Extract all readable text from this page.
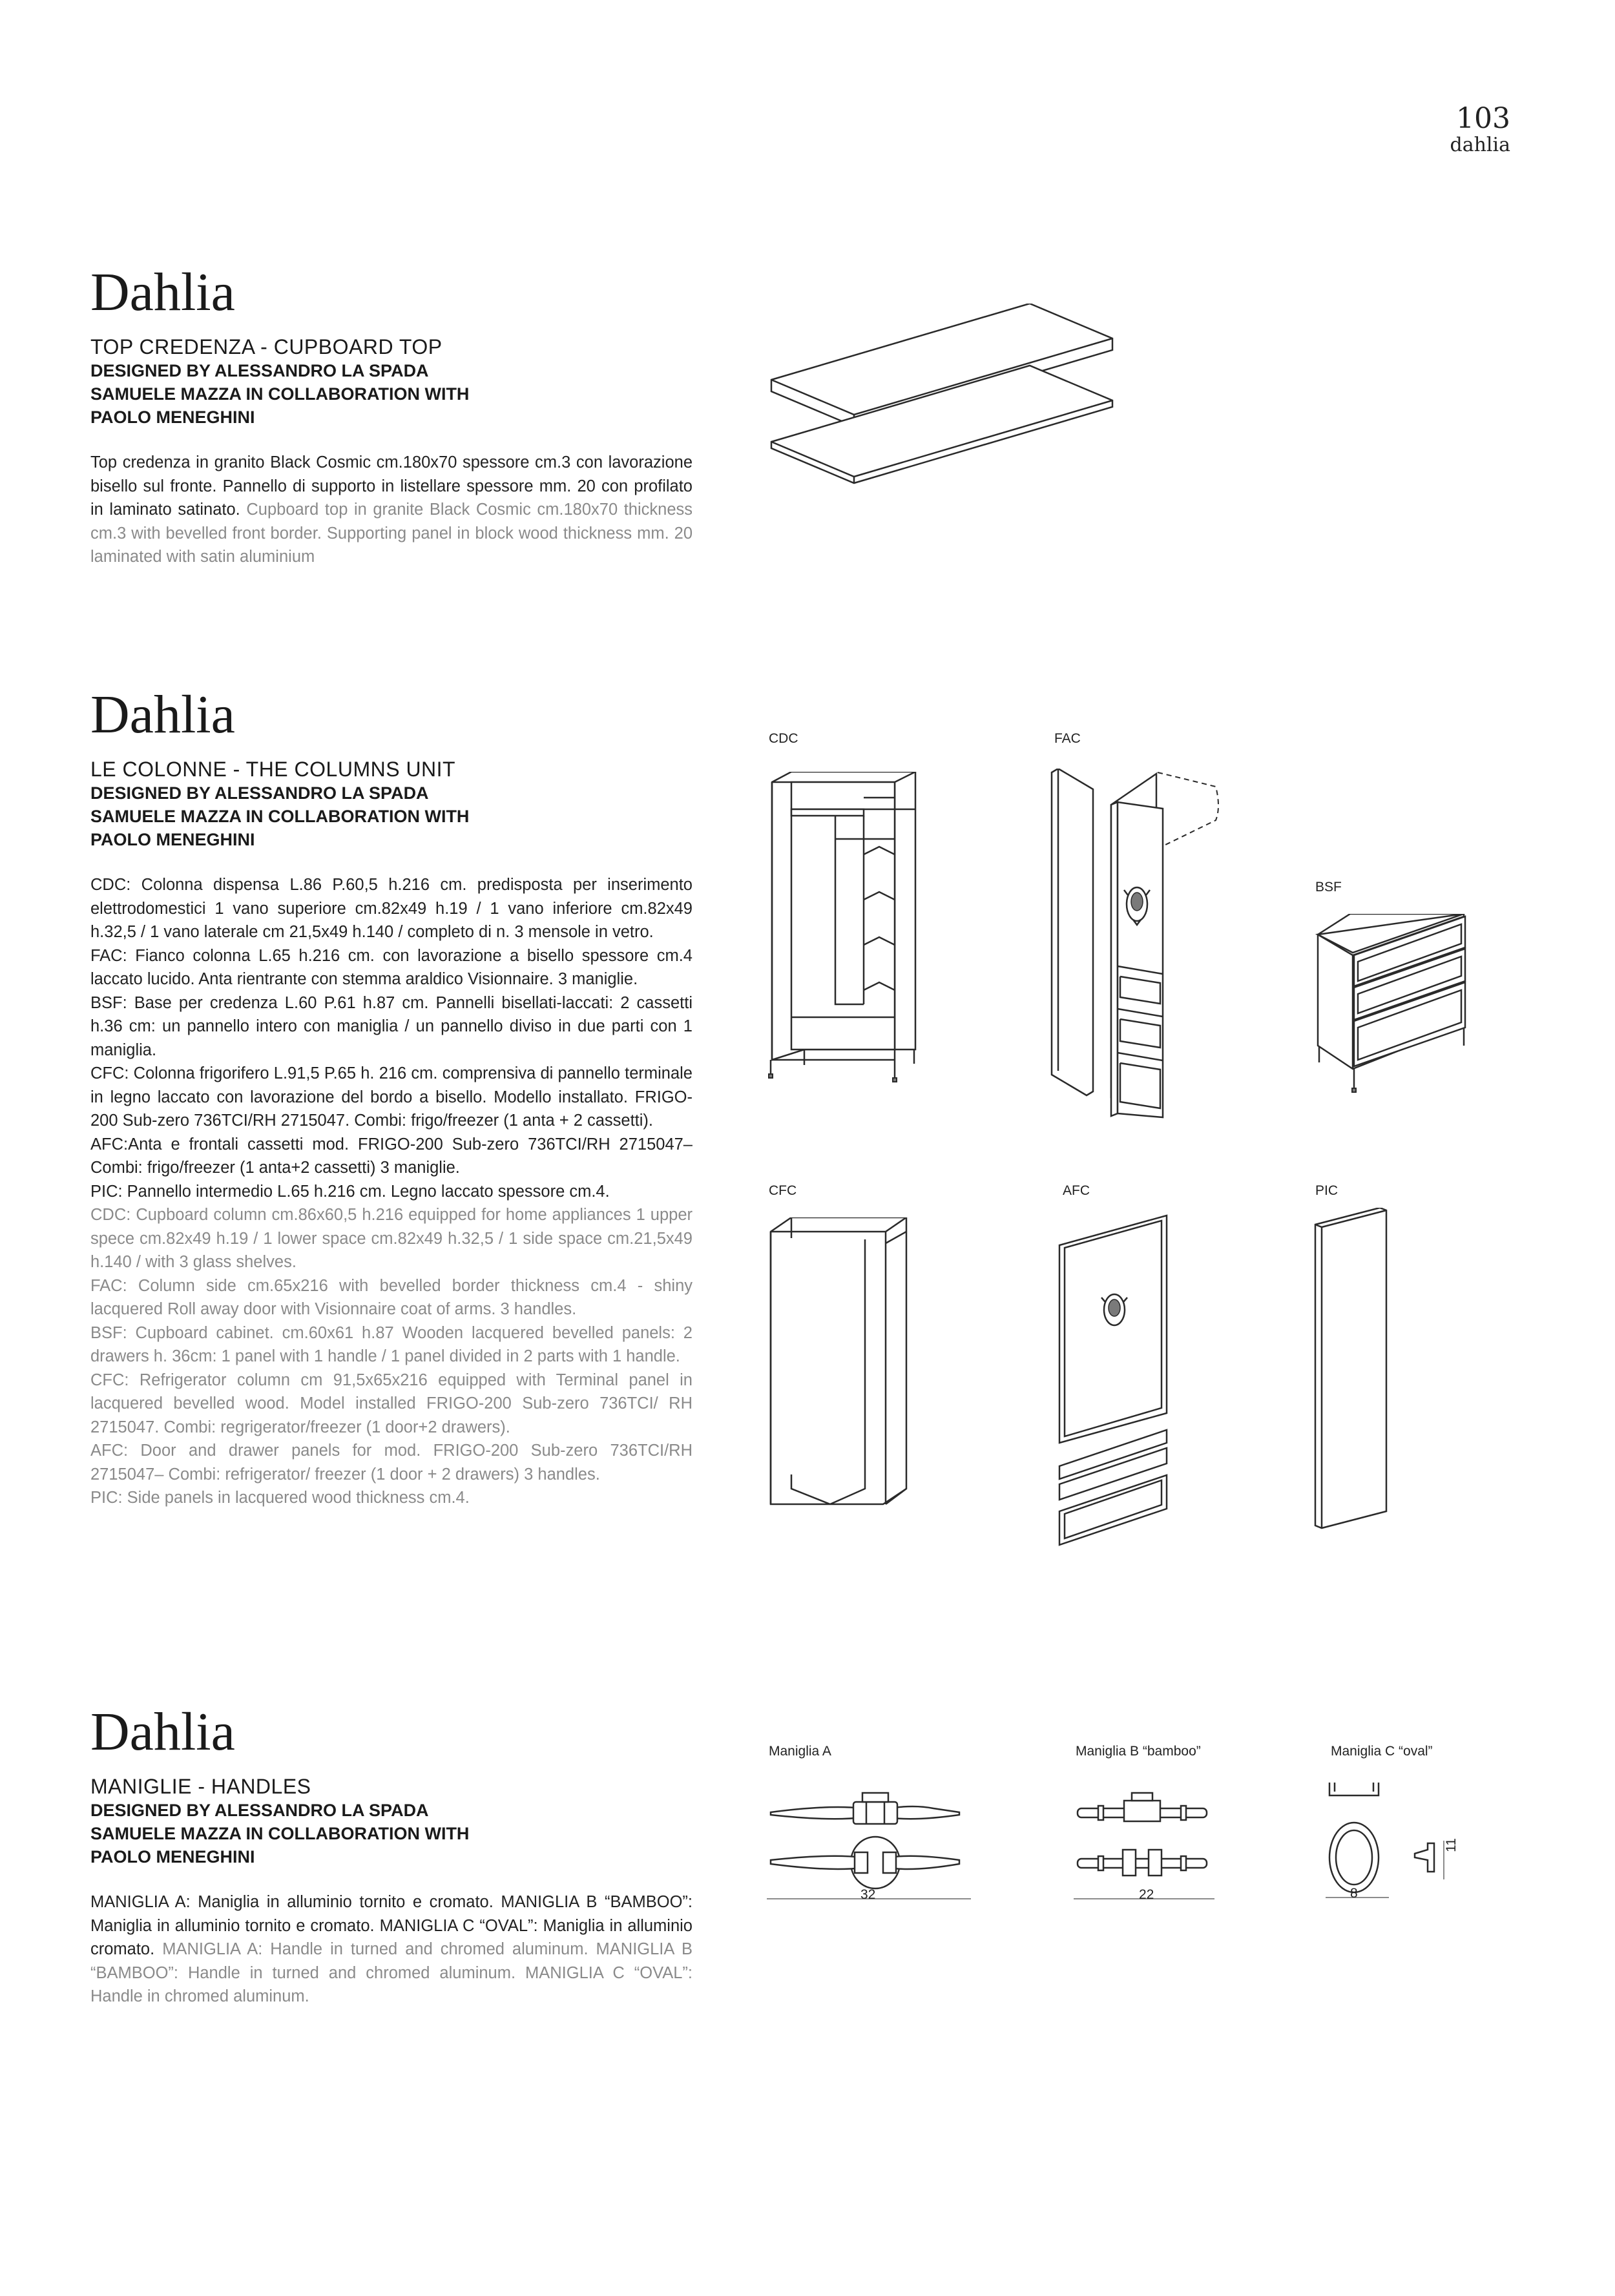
103
dahlia
Dahlia
TOP CREDENZA - CUPBOARD TOP
DESIGNED BY ALESSANDRO LA SPADA
SAMUELE MAZZA IN COLLABORATION WITH
PAOLO MENEGHINI
Top credenza in granito Black Cosmic cm.180x70 spessore cm.3 con lavorazione bisello sul fronte. Pannello di supporto in listellare spessore mm. 20 con profilato in laminato satinato. Cupboard top in granite Black Cosmic cm.180x70 thickness cm.3 with bevelled front border. Supporting panel in block wood thickness mm. 20 laminated with satin aluminium
Dahlia
LE COLONNE - THE COLUMNS UNIT
DESIGNED BY ALESSANDRO LA SPADA
SAMUELE MAZZA IN COLLABORATION WITH
PAOLO MENEGHINI

CDC: Colonna dispensa L.86 P.60,5 h.216 cm. predisposta per inserimento elettrodomestici 1 vano superiore cm.82x49 h.19 / 1 vano inferiore cm.82x49 h.32,5 / 1 vano laterale cm 21,5x49 h.140 / completo di n. 3 mensole in vetro.

FAC: Fianco colonna L.65 h.216 cm. con lavorazione a bisello spessore cm.4 laccato lucido. Anta rientrante con stemma araldico Visionnaire. 3 maniglie.

BSF: Base per credenza L.60 P.61 h.87 cm. Pannelli bisellati-laccati: 2 cassetti h.36 cm: un pannello intero con maniglia / un pannello diviso in due parti con 1 maniglia.

CFC: Colonna frigorifero L.91,5 P.65 h. 216 cm. comprensiva di pannello terminale in legno laccato con lavorazione del bordo a bisello. Modello installato. FRIGO-200 Sub-zero 736TCI/RH 2715047. Combi: frigo/freezer (1 anta + 2 cassetti).

AFC:Anta e frontali cassetti mod. FRIGO-200 Sub-zero 736TCI/RH 2715047– Combi: frigo/freezer (1 anta+2 cassetti) 3 maniglie.

PIC: Pannello intermedio L.65 h.216 cm. Legno laccato spessore cm.4.

CDC: Cupboard column cm.86x60,5 h.216 equipped for home appliances 1 upper spece cm.82x49 h.19 / 1 lower space cm.82x49 h.32,5 / 1 side space cm.21,5x49 h.140 / with 3 glass shelves.

FAC: Column side cm.65x216 with bevelled border thickness cm.4 - shiny lacquered Roll away door with Visionnaire coat of arms. 3 handles.

BSF: Cupboard cabinet. cm.60x61 h.87 Wooden lacquered bevelled panels: 2 drawers h. 36cm: 1 panel with 1 handle / 1 panel divided in 2 parts with 1 handle.

CFC: Refrigerator column cm 91,5x65x216 equipped with Terminal panel in lacquered bevelled wood. Model installed FRIGO-200 Sub-zero 736TCI/ RH 2715047. Combi: regrigerator/freezer (1 door+2 drawers).

AFC: Door and drawer panels for mod. FRIGO-200 Sub-zero 736TCI/RH 2715047– Combi: refrigerator/ freezer (1 door + 2 drawers) 3 handles.

PIC: Side panels in lacquered wood thickness cm.4.

CDC	FAC
BSF
CFC	AFC	PIC
Dahlia
MANIGLIE - HANDLES
DESIGNED BY ALESSANDRO LA SPADA
SAMUELE MAZZA IN COLLABORATION WITH
PAOLO MENEGHINI
MANIGLIA A: Maniglia in alluminio tornito e cromato. MANIGLIA B “BAMBOO”: Maniglia in alluminio tornito e cromato. MANIGLIA C “OVAL”: Maniglia in alluminio cromato. MANIGLIA A: Handle in turned and chromed aluminum. MANIGLIA B “BAMBOO”: Handle in turned and chromed aluminum. MANIGLIA C “OVAL”: Handle in chromed aluminum.
Maniglia A	Maniglia B “bamboo”	Maniglia C “oval”
32	22	8
11
